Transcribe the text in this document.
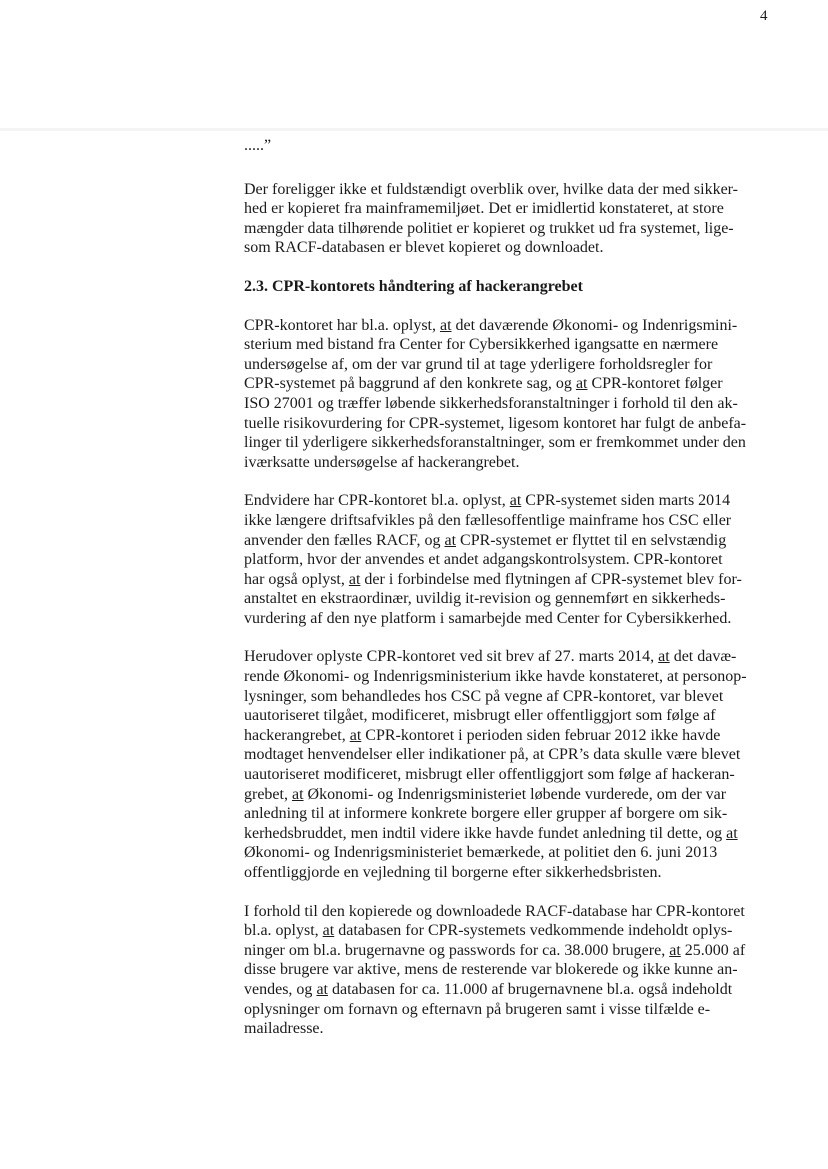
4

.....”

Der foreligger ikke et fuldstændigt overblik over, hvilke data der med sikker-
hed er kopieret fra mainframemiljøet. Det er imidlertid konstateret, at store
mængder data tilhørende politiet er kopieret og trukket ud fra systemet, lige-
som RACF-databasen er blevet kopieret og downloadet.

2.3. CPR-kontorets håndtering af hackerangrebet

CPR-kontoret har bl.a. oplyst, at det daværende Økonomi- og Indenrigsmini-
sterium med bistand fra Center for Cybersikkerhed igangsatte en nærmere
undersøgelse af, om der var grund til at tage yderligere forholdsregler for
CPR-systemet på baggrund af den konkrete sag, og at CPR-kontoret følger
ISO 27001 og træffer løbende sikkerhedsforanstaltninger i forhold til den ak-
tuelle risikovurdering for CPR-systemet, ligesom kontoret har fulgt de anbefa-
linger til yderligere sikkerhedsforanstaltninger, som er fremkommet under den
iværksatte undersøgelse af hackerangrebet.

Endvidere har CPR-kontoret bl.a. oplyst, at CPR-systemet siden marts 2014
ikke længere driftsafvikles på den fællesoffentlige mainframe hos CSC eller
anvender den fælles RACF, og at CPR-systemet er flyttet til en selvstændig
platform, hvor der anvendes et andet adgangskontrolsystem. CPR-kontoret
har også oplyst, at der i forbindelse med flytningen af CPR-systemet blev for-
anstaltet en ekstraordinær, uvildig it-revision og gennemført en sikkerheds-
vurdering af den nye platform i samarbejde med Center for Cybersikkerhed.

Herudover oplyste CPR-kontoret ved sit brev af 27. marts 2014, at det davæ-
rende Økonomi- og Indenrigsministerium ikke havde konstateret, at personop-
lysninger, som behandledes hos CSC på vegne af CPR-kontoret, var blevet
uautoriseret tilgået, modificeret, misbrugt eller offentliggjort som følge af
hackerangrebet, at CPR-kontoret i perioden siden februar 2012 ikke havde
modtaget henvendelser eller indikationer på, at CPR’s data skulle være blevet
uautoriseret modificeret, misbrugt eller offentliggjort som følge af hackeran-
grebet, at Økonomi- og Indenrigsministeriet løbende vurderede, om der var
anledning til at informere konkrete borgere eller grupper af borgere om sik-
kerhedsbruddet, men indtil videre ikke havde fundet anledning til dette, og at
Økonomi- og Indenrigsministeriet bemærkede, at politiet den 6. juni 2013
offentliggjorde en vejledning til borgerne efter sikkerhedsbristen.

I forhold til den kopierede og downloadede RACF-database har CPR-kontoret
bl.a. oplyst, at databasen for CPR-systemets vedkommende indeholdt oplys-
ninger om bl.a. brugernavne og passwords for ca. 38.000 brugere, at 25.000 af
disse brugere var aktive, mens de resterende var blokerede og ikke kunne an-
vendes, og at databasen for ca. 11.000 af brugernavnene bl.a. også indeholdt
oplysninger om fornavn og efternavn på brugeren samt i visse tilfælde e-
mailadresse.
